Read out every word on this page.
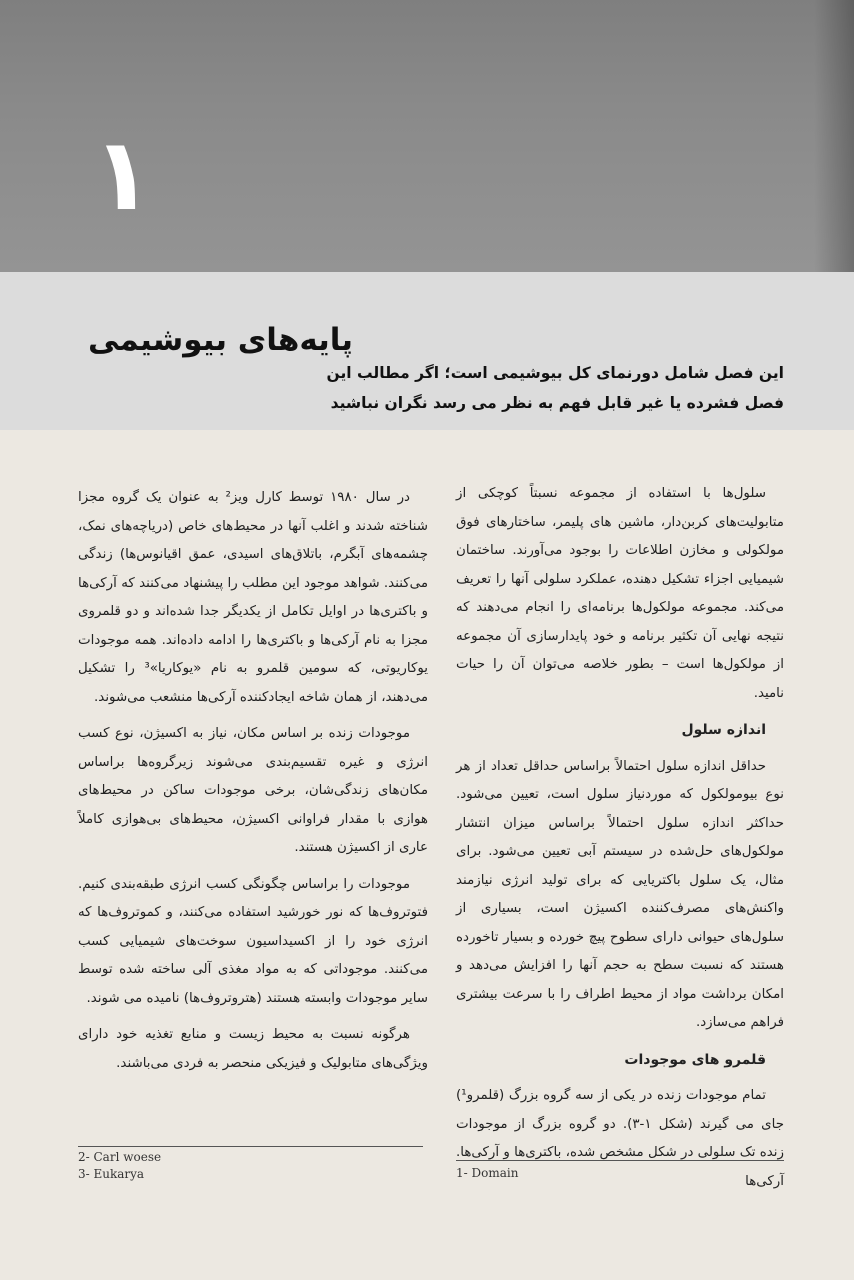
۱
پایه‌های بیوشیمی
این فصل شامل دورنمای کل بیوشیمی است؛ اگر مطالب این
فصل فشرده یا غیر قابل فهم به نظر می رسد نگران نباشید

سلول‌ها با استفاده از مجموعه نسبتاً کوچکی از متابولیت‌های کربن‌دار، ماشین های پلیمر، ساختارهای فوق مولکولی و مخازن اطلاعات را بوجود می‌آورند. ساختمان شیمیایی اجزاء تشکیل دهنده، عملکرد سلولی آنها را تعریف می‌کند. مجموعه مولکول‌ها برنامه‌ای را انجام می‌دهند که نتیجه نهایی آن تکثیر برنامه و خود پایدارسازی آن مجموعه از مولکول‌ها است – بطور خلاصه می‌توان آن را حیات نامید.

اندازه سلول

حداقل اندازه سلول احتمالاً براساس حداقل تعداد از هر نوع بیومولکول که موردنیاز سلول است، تعیین می‌شود. حداکثر اندازه سلول احتمالاً براساس میزان انتشار مولکول‌های حل‌شده در سیستم آبی تعیین می‌شود. برای مثال، یک سلول باکتریایی که برای تولید انرژی نیازمند واکنش‌های مصرف‌کننده اکسیژن است، بسیاری از سلول‌های حیوانی دارای سطوح پیچ خورده و بسیار تاخورده هستند که نسبت سطح به حجم آنها را افزایش می‌دهد و امکان برداشت مواد از محیط اطراف را با سرعت بیشتری فراهم می‌سازد.

قلمرو های موجودات

تمام موجودات زنده در یکی از سه گروه بزرگ (قلمرو¹) جای می گیرند (شکل ۱-۳). دو گروه بزرگ از موجودات زنده تک سلولی در شکل مشخص شده، باکتری‌ها و آرکی‌ها. آرکی‌ها

در سال ۱۹۸۰ توسط کارل ویز² به عنوان یک گروه مجزا شناخته شدند و اغلب آنها در محیط‌های خاص (دریاچه‌های نمک، چشمه‌های آبگرم، باتلاق‌های اسیدی، عمق اقیانوس‌ها) زندگی می‌کنند. شواهد موجود این مطلب را پیشنهاد می‌کنند که آرکی‌ها و باکتری‌ها در اوایل تکامل از یکدیگر جدا شده‌اند و دو قلمروی مجزا به نام آرکی‌ها و باکتری‌ها را ادامه داده‌اند. همه موجودات یوکاریوتی، که سومین قلمرو به نام «یوکاریا»³ را تشکیل می‌دهند، از همان شاخه ایجادکننده آرکی‌ها منشعب می‌شوند.

موجودات زنده بر اساس مکان، نیاز به اکسیژن، نوع کسب انرژی و غیره تقسیم‌بندی می‌شوند زیرگروه‌ها براساس مکان‌های زندگی‌شان، برخی موجودات ساکن در محیط‌های هوازی با مقدار فراوانی اکسیژن، محیط‌های بی‌هوازی کاملاً عاری از اکسیژن هستند.

موجودات را براساس چگونگی کسب انرژی طبقه‌بندی کنیم. فتوتروف‌ها که نور خورشید استفاده می‌کنند، و کموتروف‌ها که انرژی خود را از اکسیداسیون سوخت‌های شیمیایی کسب می‌کنند. موجوداتی که به مواد مغذی آلی ساخته شده توسط سایر موجودات وابسته هستند (هتروتروف‌ها) نامیده می شوند.

هرگونه نسبت به محیط زیست و منابع تغذیه خود دارای ویژگی‌های متابولیک و فیزیکی منحصر به فردی می‌باشند.

2- Carl woese
3- Eukarya	1- Domain
